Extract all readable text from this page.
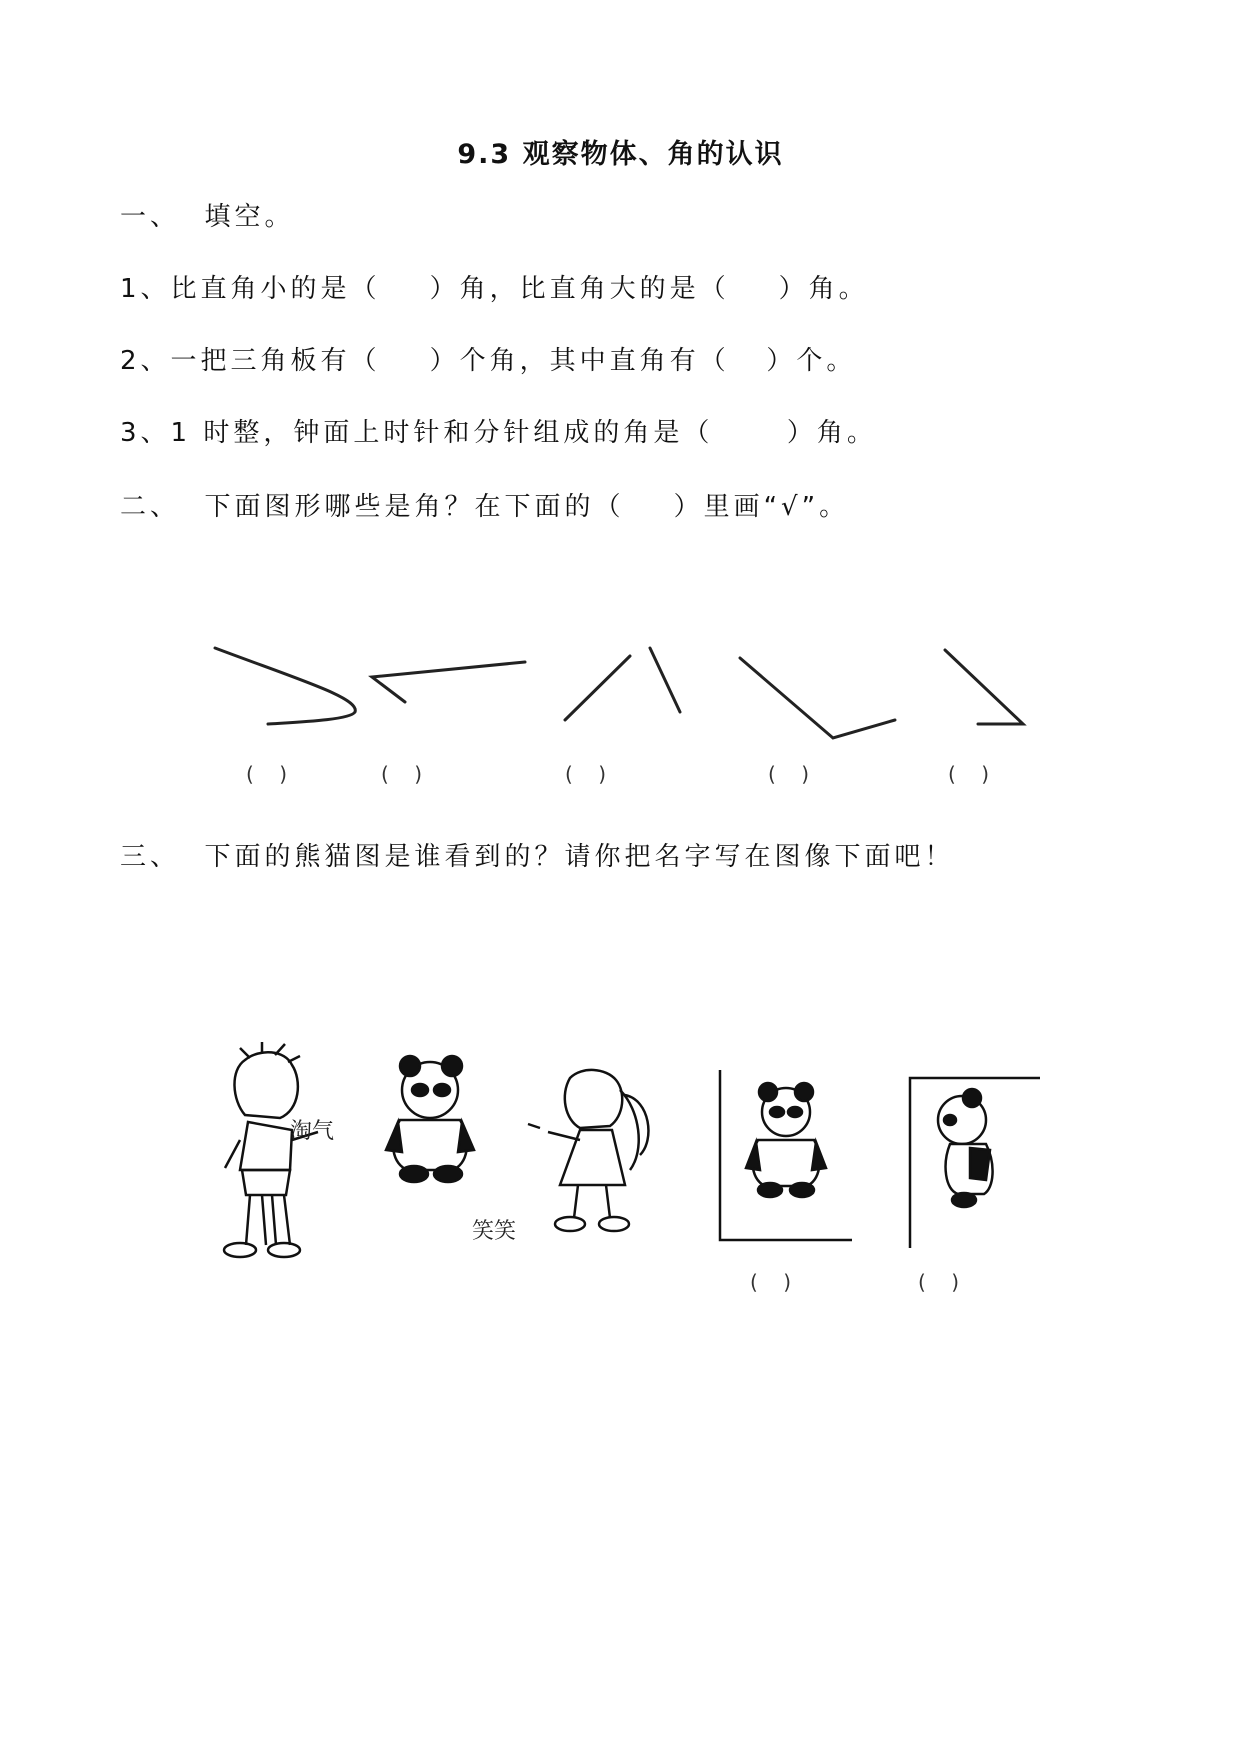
9.3 观察物体、角的认识
一、  填空。
1、比直角小的是（    ）角，比直角大的是（    ）角。
2、一把三角板有（    ）个角，其中直角有（   ）个。
3、1 时整，钟面上时针和分针组成的角是（      ）角。
二、  下面图形哪些是角？在下面的（    ）里画“√”。
(    )	(    )	(    )	(    )	(    )
三、  下面的熊猫图是谁看到的？请你把名字写在图像下面吧！
淘气
笑笑
(    )	(    )
